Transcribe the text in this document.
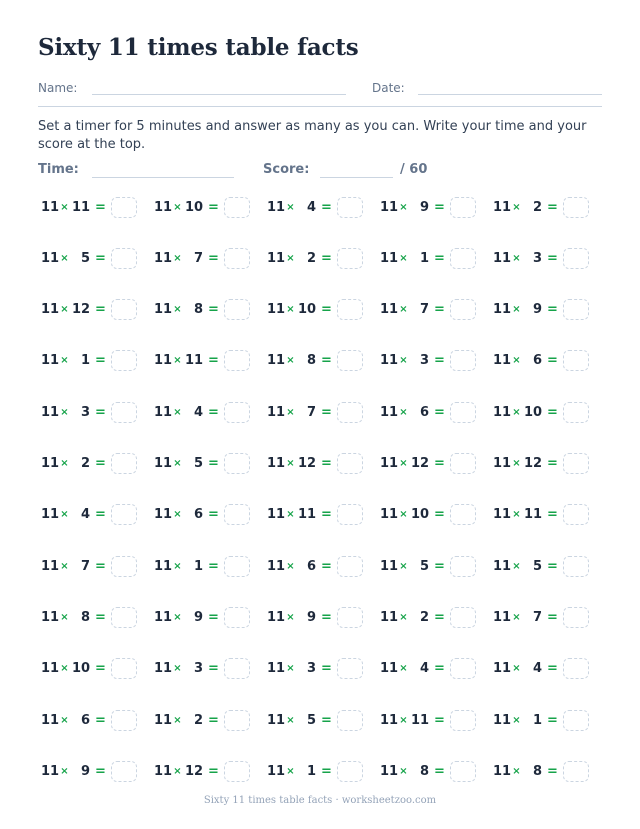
Sixty 11 times table facts
Name:	Date:

Set a timer for 5 minutes and answer as many as you can. Write your time and your score at the top.

Time:	Score:	/ 60
11 × 11 =	11 × 10 =	11 × 4 =	11 × 9 =	11 × 2 =
11 × 5 =	11 × 7 =	11 × 2 =	11 × 1 =	11 × 3 =
11 × 12 =	11 × 8 =	11 × 10 =	11 × 7 =	11 × 9 =
11 × 1 =	11 × 11 =	11 × 8 =	11 × 3 =	11 × 6 =
11 × 3 =	11 × 4 =	11 × 7 =	11 × 6 =	11 × 10 =
11 × 2 =	11 × 5 =	11 × 12 =	11 × 12 =	11 × 12 =
11 × 4 =	11 × 6 =	11 × 11 =	11 × 10 =	11 × 11 =
11 × 7 =	11 × 1 =	11 × 6 =	11 × 5 =	11 × 5 =
11 × 8 =	11 × 9 =	11 × 9 =	11 × 2 =	11 × 7 =
11 × 10 =	11 × 3 =	11 × 3 =	11 × 4 =	11 × 4 =
11 × 6 =	11 × 2 =	11 × 5 =	11 × 11 =	11 × 1 =
11 × 9 =	11 × 12 =	11 × 1 =	11 × 8 =	11 × 8 =
Sixty 11 times table facts · worksheetzoo.com
